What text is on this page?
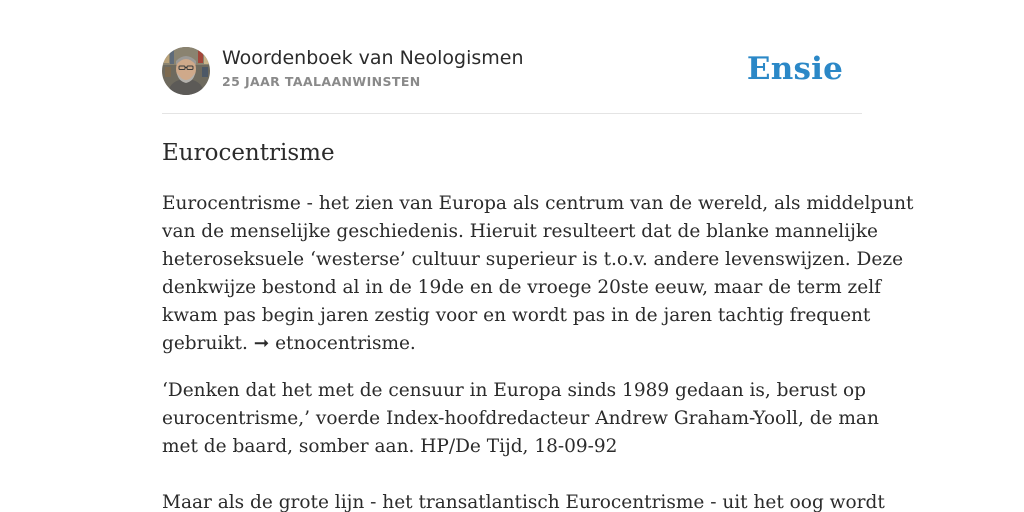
Woordenboek van Neologismen
25 JAAR TAALAANWINSTEN	Ensie
Eurocentrisme
Eurocentrisme - het zien van Europa als centrum van de wereld, als middelpunt
van de menselijke geschiedenis. Hieruit resulteert dat de blanke mannelijke
heteroseksuele ‘westerse’ cultuur superieur is t.o.v. andere levenswijzen. Deze
denkwijze bestond al in de 19de en de vroege 20ste eeuw, maar de term zelf
kwam pas begin jaren zestig voor en wordt pas in de jaren tachtig frequent
gebruikt. ➞ etnocentrisme.
‘Denken dat het met de censuur in Europa sinds 1989 gedaan is, berust op
eurocentrisme,’ voerde Index-hoofdredacteur Andrew Graham-Yooll, de man
met de baard, somber aan. HP/De Tijd, 18-09-92
Maar als de grote lijn - het transatlantisch Eurocentrisme - uit het oog wordt
